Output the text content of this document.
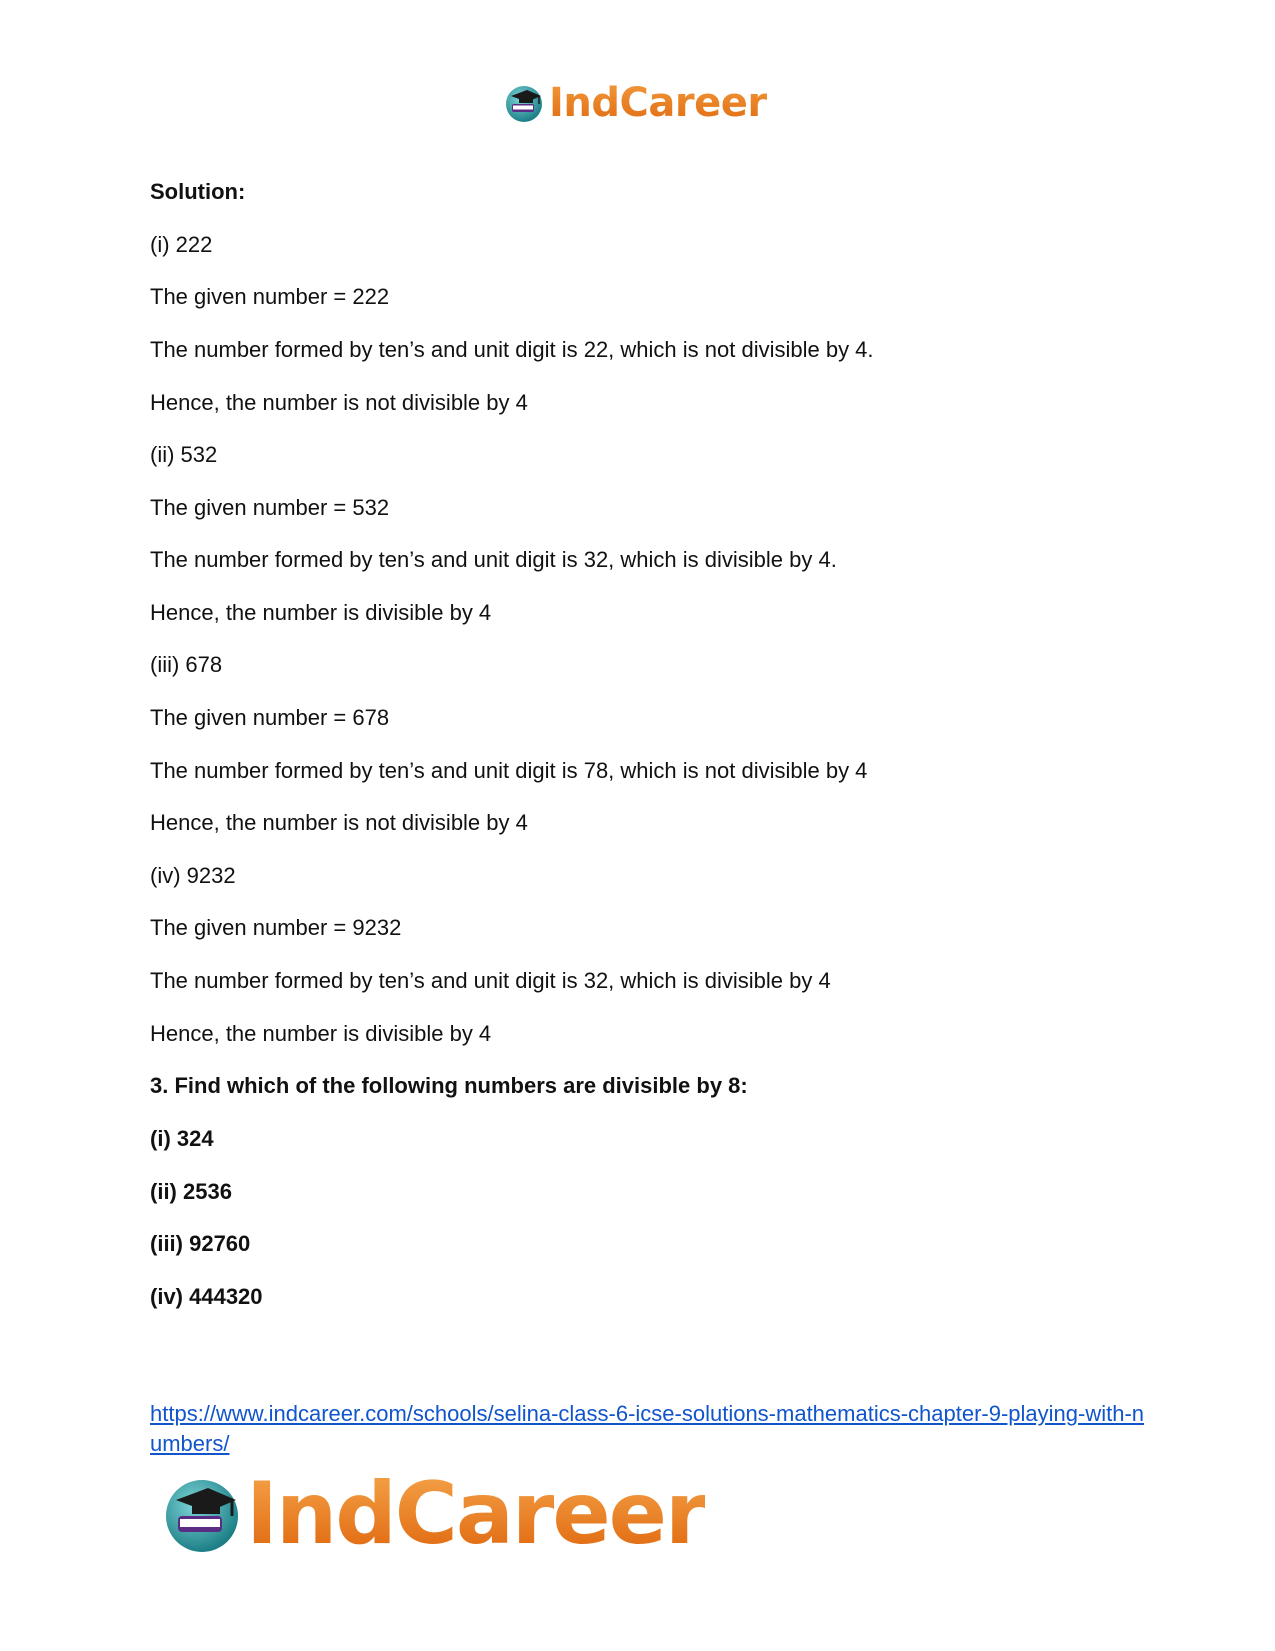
IndCareer
Solution:
(i) 222
The given number = 222
The number formed by ten’s and unit digit is 22, which is not divisible by 4.
Hence, the number is not divisible by 4
(ii) 532
The given number = 532
The number formed by ten’s and unit digit is 32, which is divisible by 4.
Hence, the number is divisible by 4
(iii) 678
The given number = 678
The number formed by ten’s and unit digit is 78, which is not divisible by 4
Hence, the number is not divisible by 4
(iv) 9232
The given number = 9232
The number formed by ten’s and unit digit is 32, which is divisible by 4
Hence, the number is divisible by 4
3. Find which of the following numbers are divisible by 8:
(i) 324
(ii) 2536
(iii) 92760
(iv) 444320
https://www.indcareer.com/schools/selina-class-6-icse-solutions-mathematics-chapter-9-playing-with-numbers/
IndCareer
